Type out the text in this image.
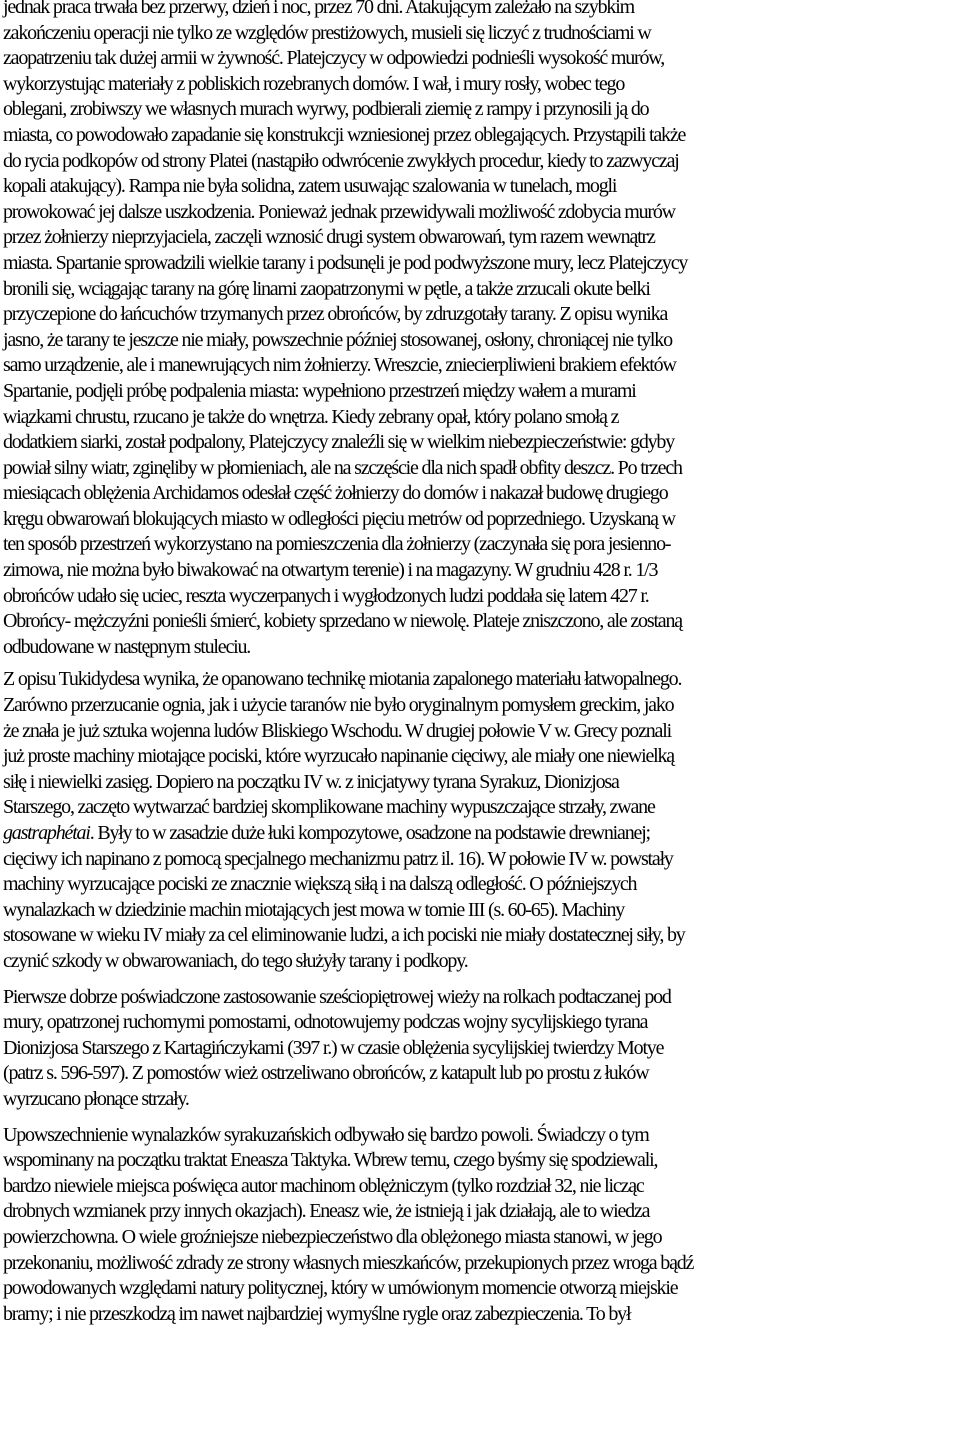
jednak praca trwała bez przerwy, dzień i noc, przez 70 dni. Atakującym zależało na szybkim
zakończeniu operacji nie tylko ze względów prestiżowych, musieli się liczyć z trudnościami w
zaopatrzeniu tak dużej armii w żywność. Platejczycy w odpowiedzi podnieśli wysokość murów,
wykorzystując materiały z pobliskich rozebranych domów. I wał, i mury rosły, wobec tego
oblegani, zrobiwszy we własnych murach wyrwy, podbierali ziemię z rampy i przynosili ją do
miasta, co powodowało zapadanie się konstrukcji wzniesionej przez oblegających. Przystąpili także
do rycia podkopów od strony Platei (nastąpiło odwrócenie zwykłych procedur, kiedy to zazwyczaj
kopali atakujący). Rampa nie była solidna, zatem usuwając szalowania w tunelach, mogli
prowokować jej dalsze uszkodzenia. Ponieważ jednak przewidywali możliwość zdobycia murów
przez żołnierzy nieprzyjaciela, zaczęli wznosić drugi system obwarowań, tym razem wewnątrz
miasta. Spartanie sprowadzili wielkie tarany i podsunęli je pod podwyższone mury, lecz Platejczycy
bronili się, wciągając tarany na górę linami zaopatrzonymi w pętle, a także zrzucali okute belki
przyczepione do łańcuchów trzymanych przez obrońców, by zdruzgotały tarany. Z opisu wynika
jasno, że tarany te jeszcze nie miały, powszechnie później stosowanej, osłony, chroniącej nie tylko
samo urządzenie, ale i manewrujących nim żołnierzy. Wreszcie, zniecierpliwieni brakiem efektów
Spartanie, podjęli próbę podpalenia miasta: wypełniono przestrzeń między wałem a murami
wiązkami chrustu, rzucano je także do wnętrza. Kiedy zebrany opał, który polano smołą z
dodatkiem siarki, został podpalony, Platejczycy znaleźli się w wielkim niebezpieczeństwie: gdyby
powiał silny wiatr, zginęliby w płomieniach, ale na szczęście dla nich spadł obfity deszcz. Po trzech
miesiącach oblężenia Archidamos odesłał część żołnierzy do domów i nakazał budowę drugiego
kręgu obwarowań blokujących miasto w odległości pięciu metrów od poprzedniego. Uzyskaną w
ten sposób przestrzeń wykorzystano na pomieszczenia dla żołnierzy (zaczynała się pora jesienno-
zimowa, nie można było biwakować na otwartym terenie) i na magazyny. W grudniu 428 r. 1/3
obrońców udało się uciec, reszta wyczerpanych i wygłodzonych ludzi poddała się latem 427 r.
Obrońcy- mężczyźni ponieśli śmierć, kobiety sprzedano w niewolę. Plateje zniszczono, ale zostaną
odbudowane w następnym stuleciu.
Z opisu Tukidydesa wynika, że opanowano technikę miotania zapalonego materiału łatwopalnego.
Zarówno przerzucanie ognia, jak i użycie taranów nie było oryginalnym pomysłem greckim, jako
że znała je już sztuka wojenna ludów Bliskiego Wschodu. W drugiej połowie V w. Grecy poznali
już proste machiny miotające pociski, które wyrzucało napinanie cięciwy, ale miały one niewielką
siłę i niewielki zasięg. Dopiero na początku IV w. z inicjatywy tyrana Syrakuz, Dionizjosa
Starszego, zaczęto wytwarzać bardziej skomplikowane machiny wypuszczające strzały, zwane
gastraphétai. Były to w zasadzie duże łuki kompozytowe, osadzone na podstawie drewnianej;
cięciwy ich napinano z pomocą specjalnego mechanizmu patrz il. 16). W połowie IV w. powstały
machiny wyrzucające pociski ze znacznie większą siłą i na dalszą odległość. O późniejszych
wynalazkach w dziedzinie machin miotających jest mowa w tomie III (s. 60-65). Machiny
stosowane w wieku IV miały za cel eliminowanie ludzi, a ich pociski nie miały dostatecznej siły, by
czynić szkody w obwarowaniach, do tego służyły tarany i podkopy.
Pierwsze dobrze poświadczone zastosowanie sześciopiętrowej wieży na rolkach podtaczanej pod
mury, opatrzonej ruchomymi pomostami, odnotowujemy podczas wojny sycylijskiego tyrana
Dionizjosa Starszego z Kartagińczykami (397 r.) w czasie oblężenia sycylijskiej twierdzy Motye
(patrz s. 596-597). Z pomostów wież ostrzeliwano obrońców, z katapult lub po prostu z łuków
wyrzucano płonące strzały.
Upowszechnienie wynalazków syrakuzańskich odbywało się bardzo powoli. Świadczy o tym
wspominany na początku traktat Eneasza Taktyka. Wbrew temu, czego byśmy się spodziewali,
bardzo niewiele miejsca poświęca autor machinom oblężniczym (tylko rozdział 32, nie licząc
drobnych wzmianek przy innych okazjach). Eneasz wie, że istnieją i jak działają, ale to wiedza
powierzchowna. O wiele groźniejsze niebezpieczeństwo dla oblężonego miasta stanowi, w jego
przekonaniu, możliwość zdrady ze strony własnych mieszkańców, przekupionych przez wroga bądź
powodowanych względami natury politycznej, który w umówionym momencie otworzą miejskie
bramy; i nie przeszkodzą im nawet najbardziej wymyślne rygle oraz zabezpieczenia. To był
